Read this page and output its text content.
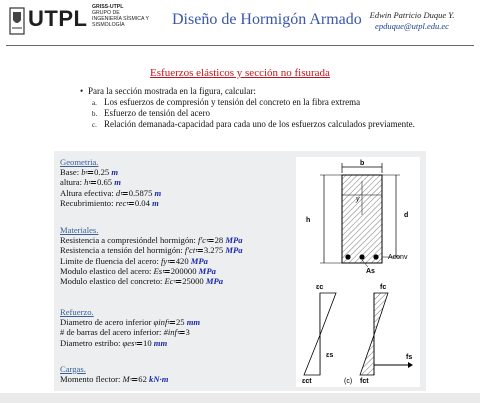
UTPL GRISS-UTPL
GRUPO DE
INGENIERÍA SÍSMICA Y
SISMOLOGÍA	Diseño de Hormigón Armado Edwin Patricio Duque Y.
epduque@utpl.edu.ec
Esfuerzos elásticos y sección no fisurada
• Para la sección mostrada en la figura, calcular:
a. Los esfuerzos de compresión y tensión del concreto en la fibra extrema
b. Esfuerzo de tensión del acero
c. Relación demanada-capacidad para cada uno de los esfuerzos calculados previamente.
Geometria.
Base: b≔0.25 m
altura: h≔0.65 m
Altura efectiva: d≔0.5875 m
Recubrimiento: rec≔0.04 m
Materiales.
Resistencia a compresióndel hormigón: f'c≔28 MPa
Resistencia a tensión del hormigón: f'ct≔3.275 MPa
Limite de fluencia del acero: fy≔420 MPa
Modulo elastico del acero: Es≔200000 MPa
Modulo elastico del concreto: Ec≔25000 MPa
Refuerzo.
Diametro de acero inferior φinf≔25 mm
# de barras del acero inferior: #inf≔3
Diametro estribo: φes≔10 mm
Cargas.
Momento flector: M≔62 kN·m
b
As
Aconv
h
d
y
εc
εs
εct
fc
fs
fct
(c)
